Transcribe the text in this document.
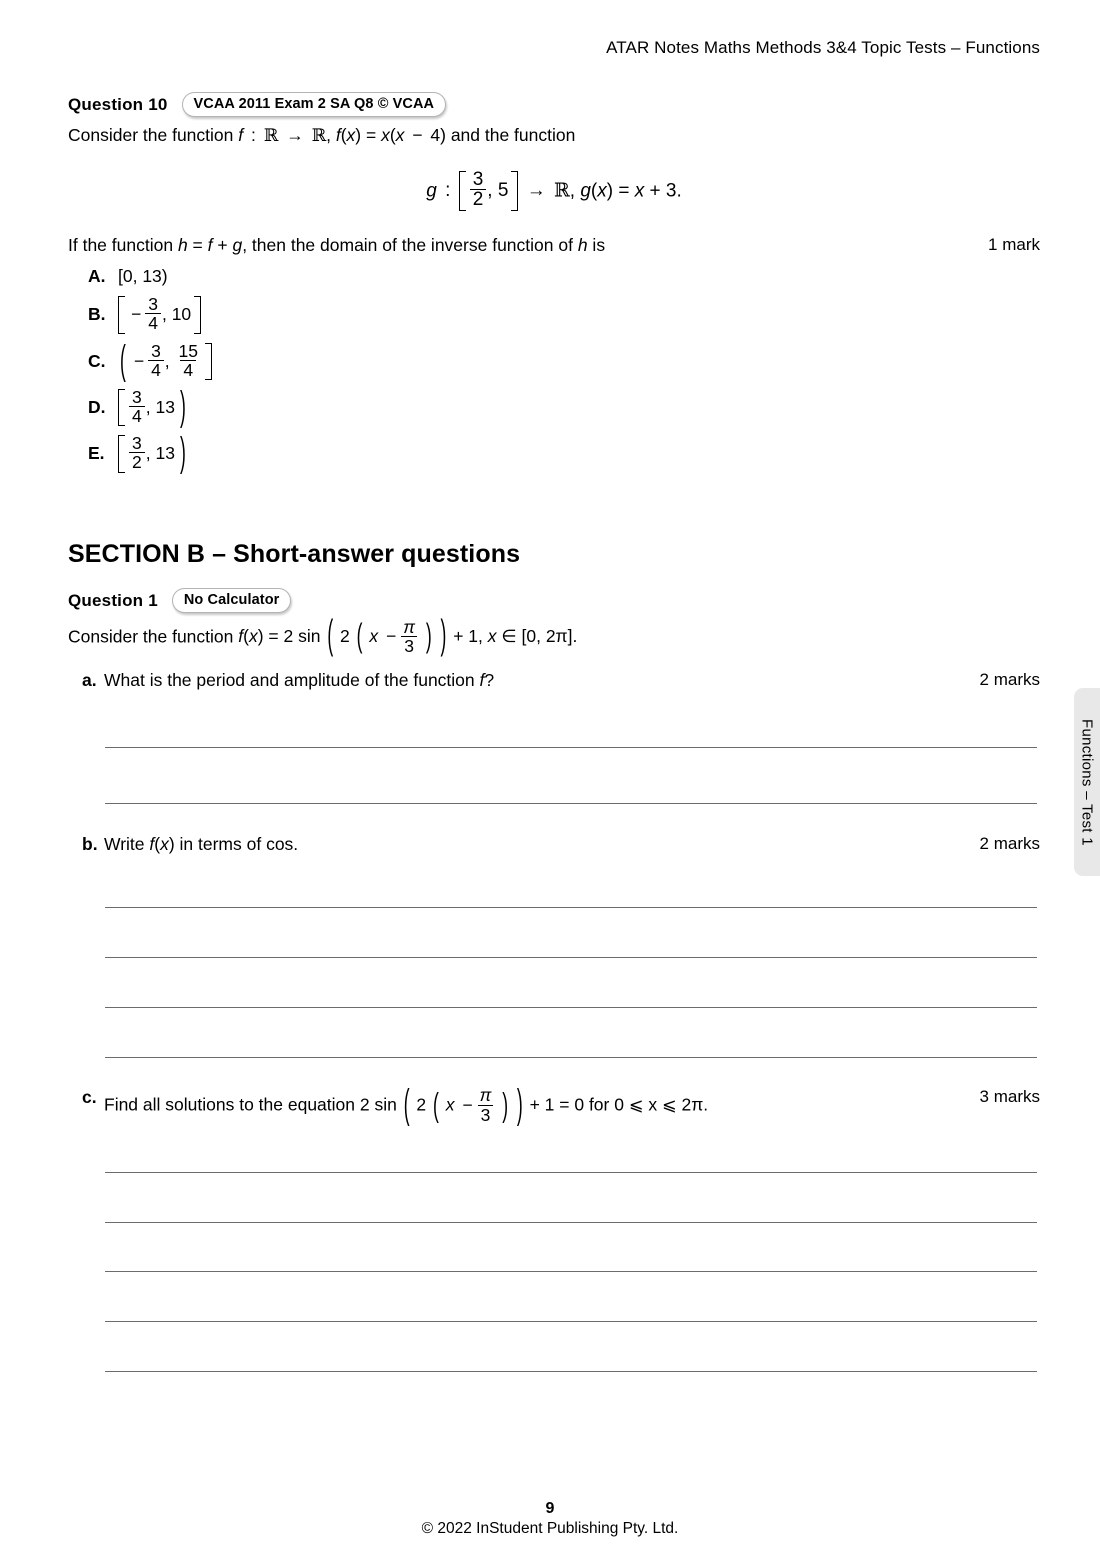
ATAR Notes Maths Methods 3&4 Topic Tests – Functions
Question 10	VCAA 2011 Exam 2 SA Q8 © VCAA
Consider the function f : ℝ → ℝ, f(x) = x(x − 4) and the function
g : $\frac{3}{2}$ , 5 → ℝ, g(x) = x + 3.
If the function h = f + g, then the domain of the inverse function of h is	1 mark
A. [0, 13)
B.	− $\frac{3}{4}$ , 10
C. ( − $\frac{3}{4}$ , $\frac{15}{4}$
D.	$\frac{3}{4}$ , 13 )
E.	$\frac{3}{2}$ , 13 )
SECTION B – Short-answer questions
Question 1	No Calculator
Consider the function f(x) = 2 sin ( 2 ( $x - \frac{\pi}{3}$ ) ) + 1, x ∈ [0, 2π].
a. What is the period and amplitude of the function f?	2 marks
b. Write f(x) in terms of cos.	2 marks
c. Find all solutions to the equation 2 sin ( 2 ( $x - \frac{\pi}{3}$ ) ) + 1 = 0 for 0 ⩽ x ⩽ 2π.	3 marks
Functions – Test 1
9
© 2022 InStudent Publishing Pty. Ltd.
